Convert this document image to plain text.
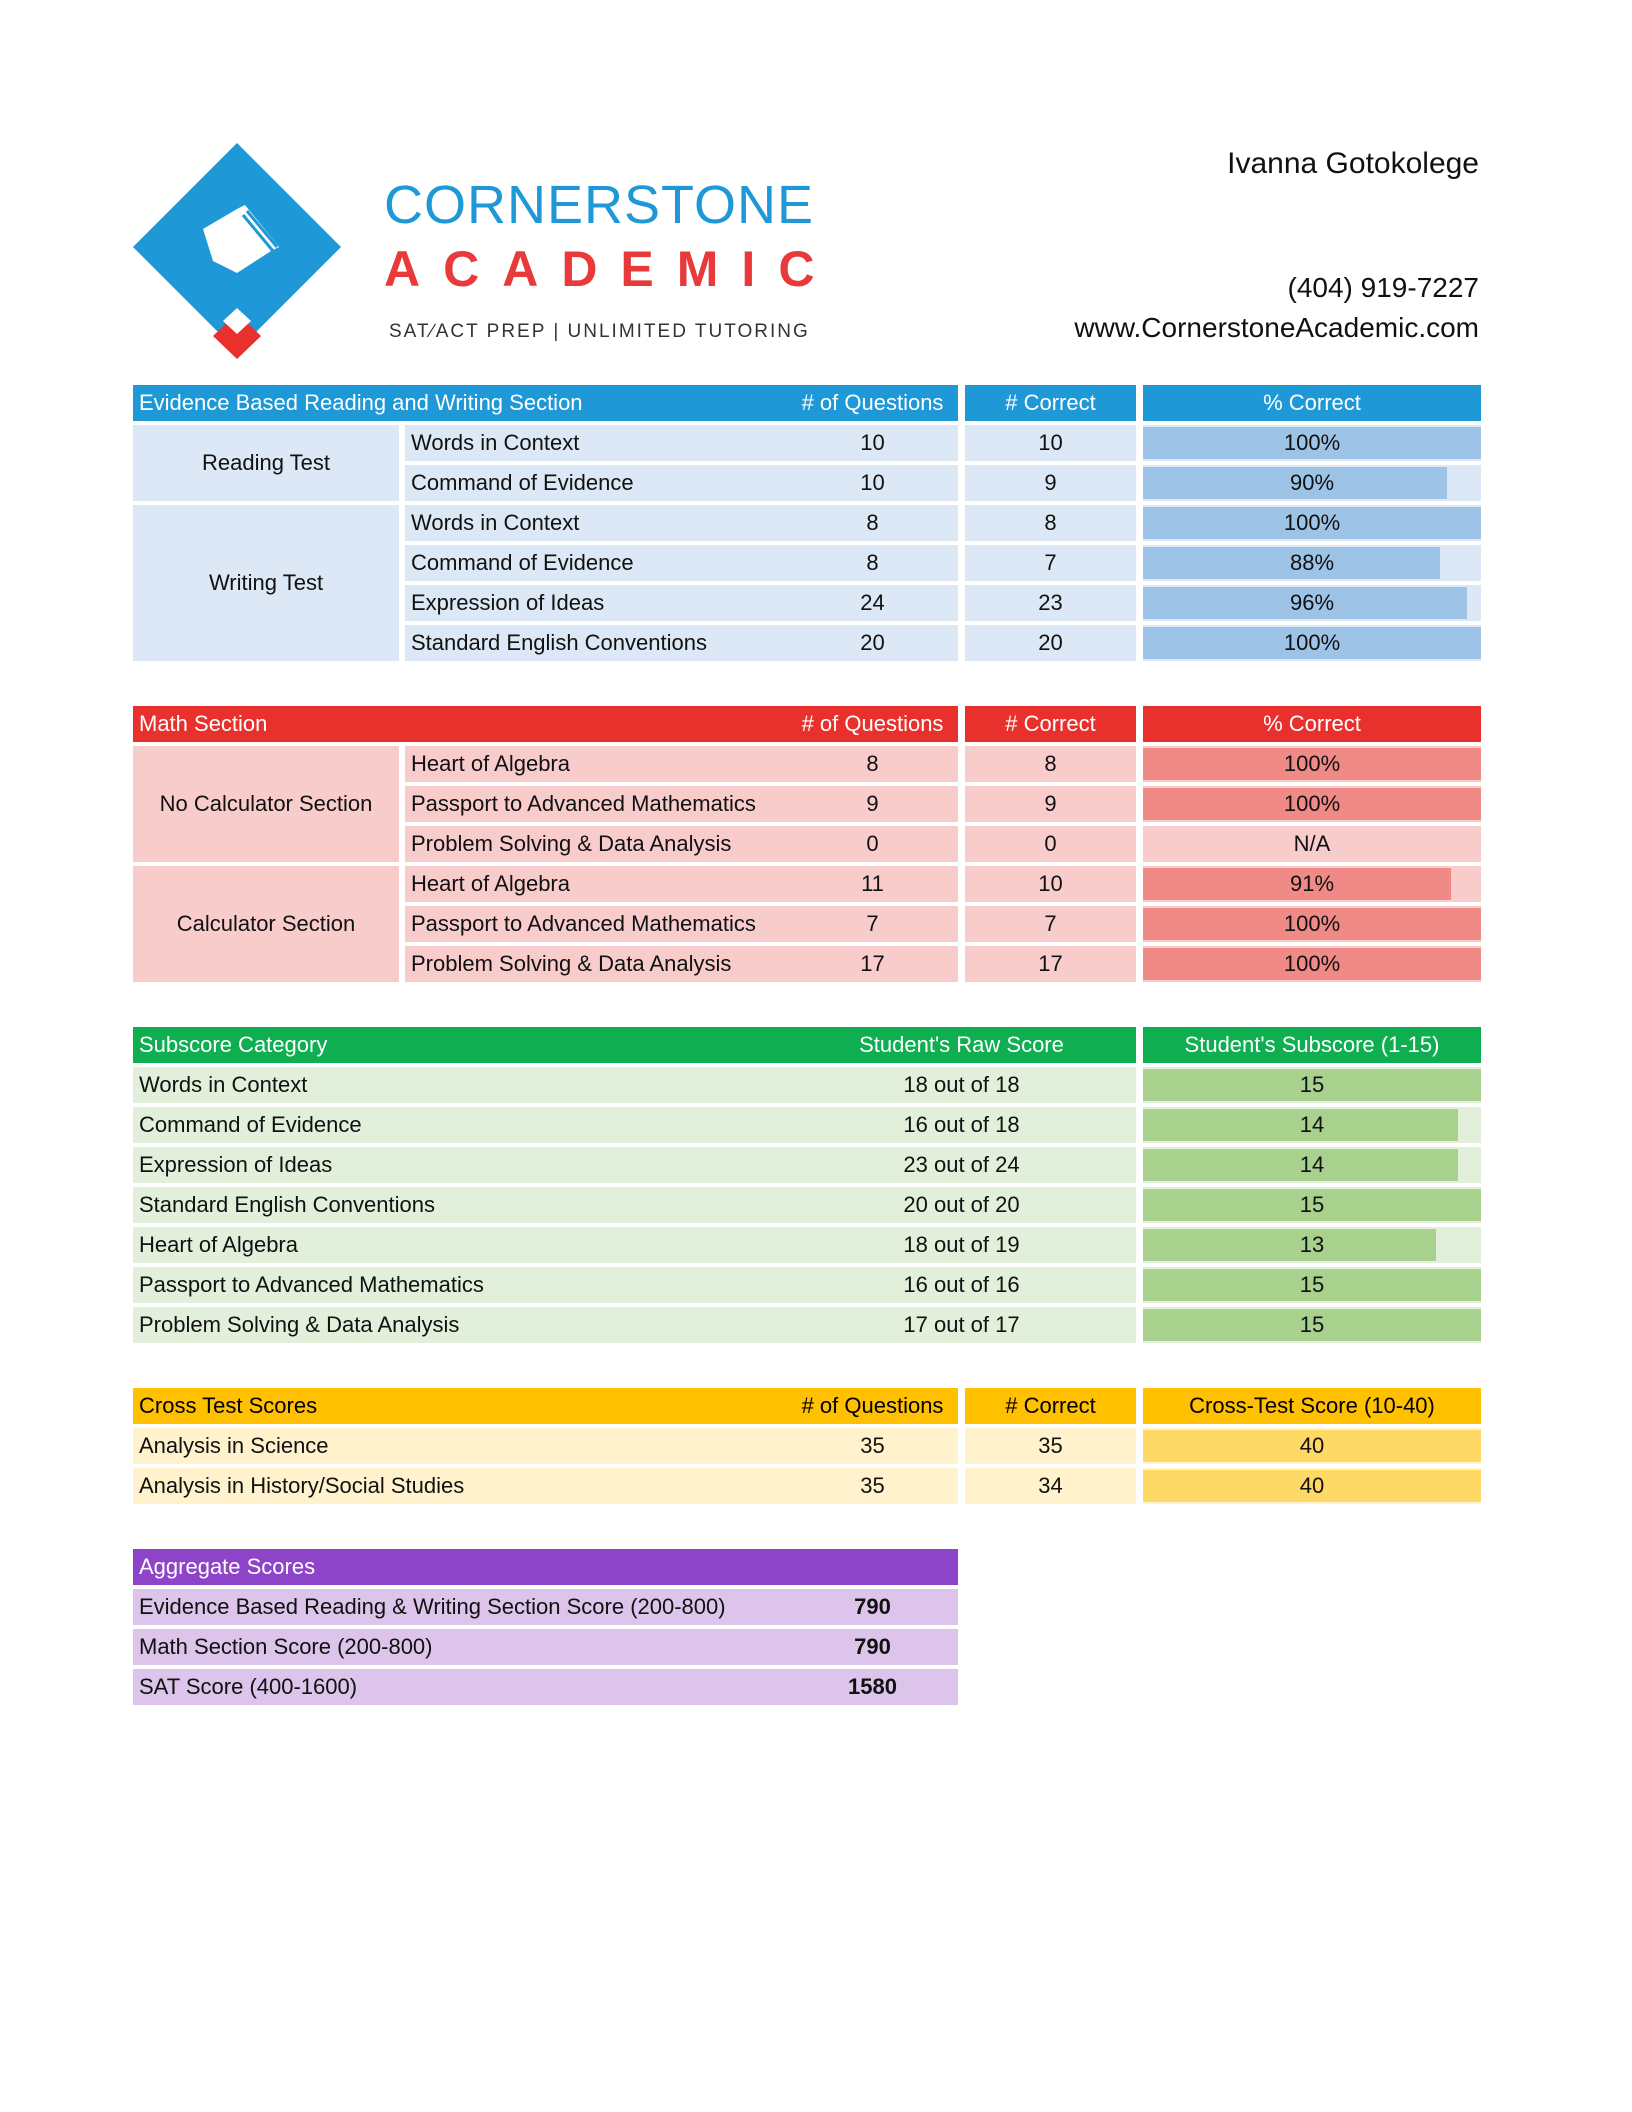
CORNERSTONE
ACADEMIC
SAT∕ACT PREP | UNLIMITED TUTORING
Ivanna Gotokolege
(404) 919-7227
www.CornerstoneAcademic.com
Evidence Based Reading and Writing Section	# of Questions	# Correct	% Correct
Reading Test
Words in Context	10	10	100%
Command of Evidence	10	9	90%
Writing Test
Words in Context	8	8	100%
Command of Evidence	8	7	88%
Expression of Ideas	24	23	96%
Standard English Conventions	20	20	100%
Math Section	# of Questions	# Correct	% Correct
No Calculator Section
Heart of Algebra	8	8	100%
Passport to Advanced Mathematics	9	9	100%
Problem Solving & Data Analysis	0	0	N/A
Calculator Section
Heart of Algebra	11	10	91%
Passport to Advanced Mathematics	7	7	100%
Problem Solving & Data Analysis	17	17	100%
Subscore Category	Student's Raw Score	Student's Subscore (1-15)
Words in Context	18 out of 18	15
Command of Evidence	16 out of 18	14
Expression of Ideas	23 out of 24	14
Standard English Conventions	20 out of 20	15
Heart of Algebra	18 out of 19	13
Passport to Advanced Mathematics	16 out of 16	15
Problem Solving & Data Analysis	17 out of 17	15
Cross Test Scores	# of Questions	# Correct	Cross-Test Score (10-40)
Analysis in Science	35	35	40
Analysis in History/Social Studies	35	34	40
Aggregate Scores
Evidence Based Reading & Writing Section Score (200-800)	790
Math Section Score (200-800)	790
SAT Score (400-1600)	1580
